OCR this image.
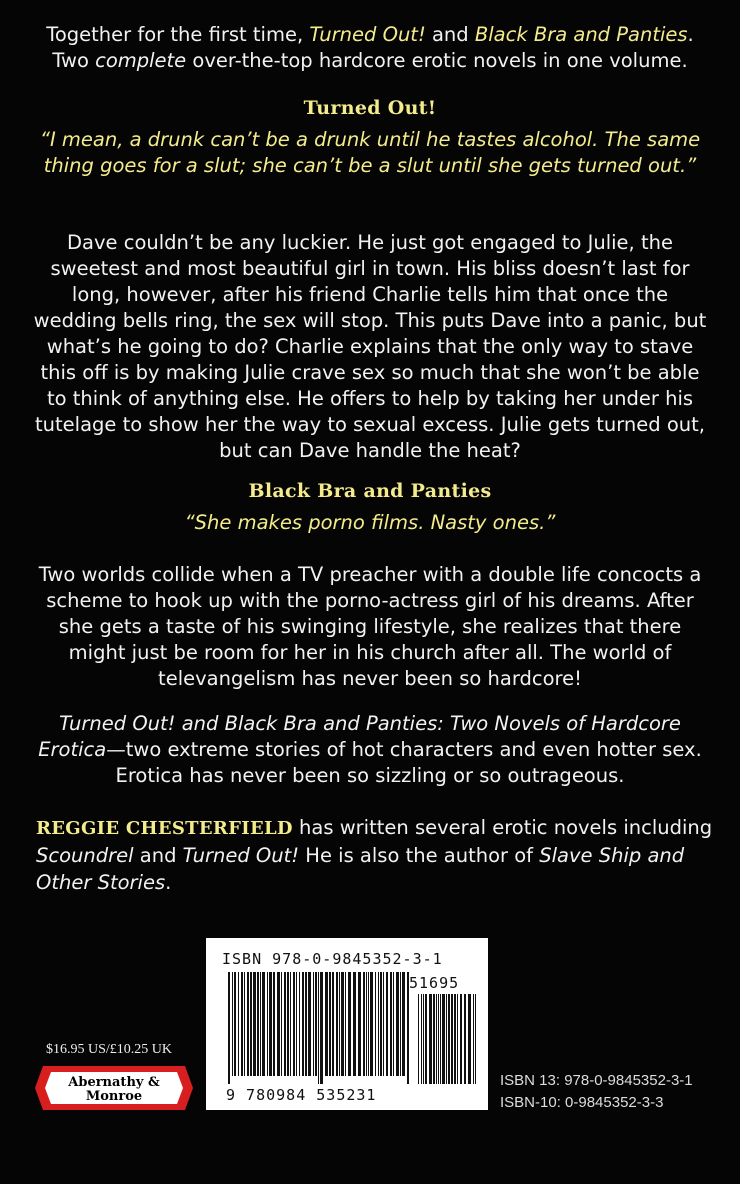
Together for the first time, Turned Out! and Black Bra and Panties.
Two complete over-the-top hardcore erotic novels in one volume.
Turned Out!
“I mean, a drunk can’t be a drunk until he tastes alcohol. The same thing goes for a slut; she can’t be a slut until she gets turned out.”
Dave couldn’t be any luckier. He just got engaged to Julie, the sweetest and most beautiful girl in town. His bliss doesn’t last for long, however, after his friend Charlie tells him that once the wedding bells ring, the sex will stop. This puts Dave into a panic, but what’s he going to do? Charlie explains that the only way to stave this off is by making Julie crave sex so much that she won’t be able to think of anything else. He offers to help by taking her under his tutelage to show her the way to sexual excess. Julie gets turned out, but can Dave handle the heat?
Black Bra and Panties
“She makes porno films. Nasty ones.”
Two worlds collide when a TV preacher with a double life concocts a scheme to hook up with the porno-actress girl of his dreams. After she gets a taste of his swinging lifestyle, she realizes that there might just be room for her in his church after all. The world of televangelism has never been so hardcore!
Turned Out! and Black Bra and Panties: Two Novels of Hardcore Erotica—two extreme stories of hot characters and even hotter sex. Erotica has never been so sizzling or so outrageous.
REGGIE CHESTERFIELD has written several erotic novels including Scoundrel and Turned Out! He is also the author of Slave Ship and Other Stories.
$16.95 US/£10.25 UK
Abernathy &
Monroe
ISBN 978-0-9845352-3-1
51695
9 780984 535231
ISBN 13: 978-0-9845352-3-1
ISBN-10: 0-9845352-3-3
